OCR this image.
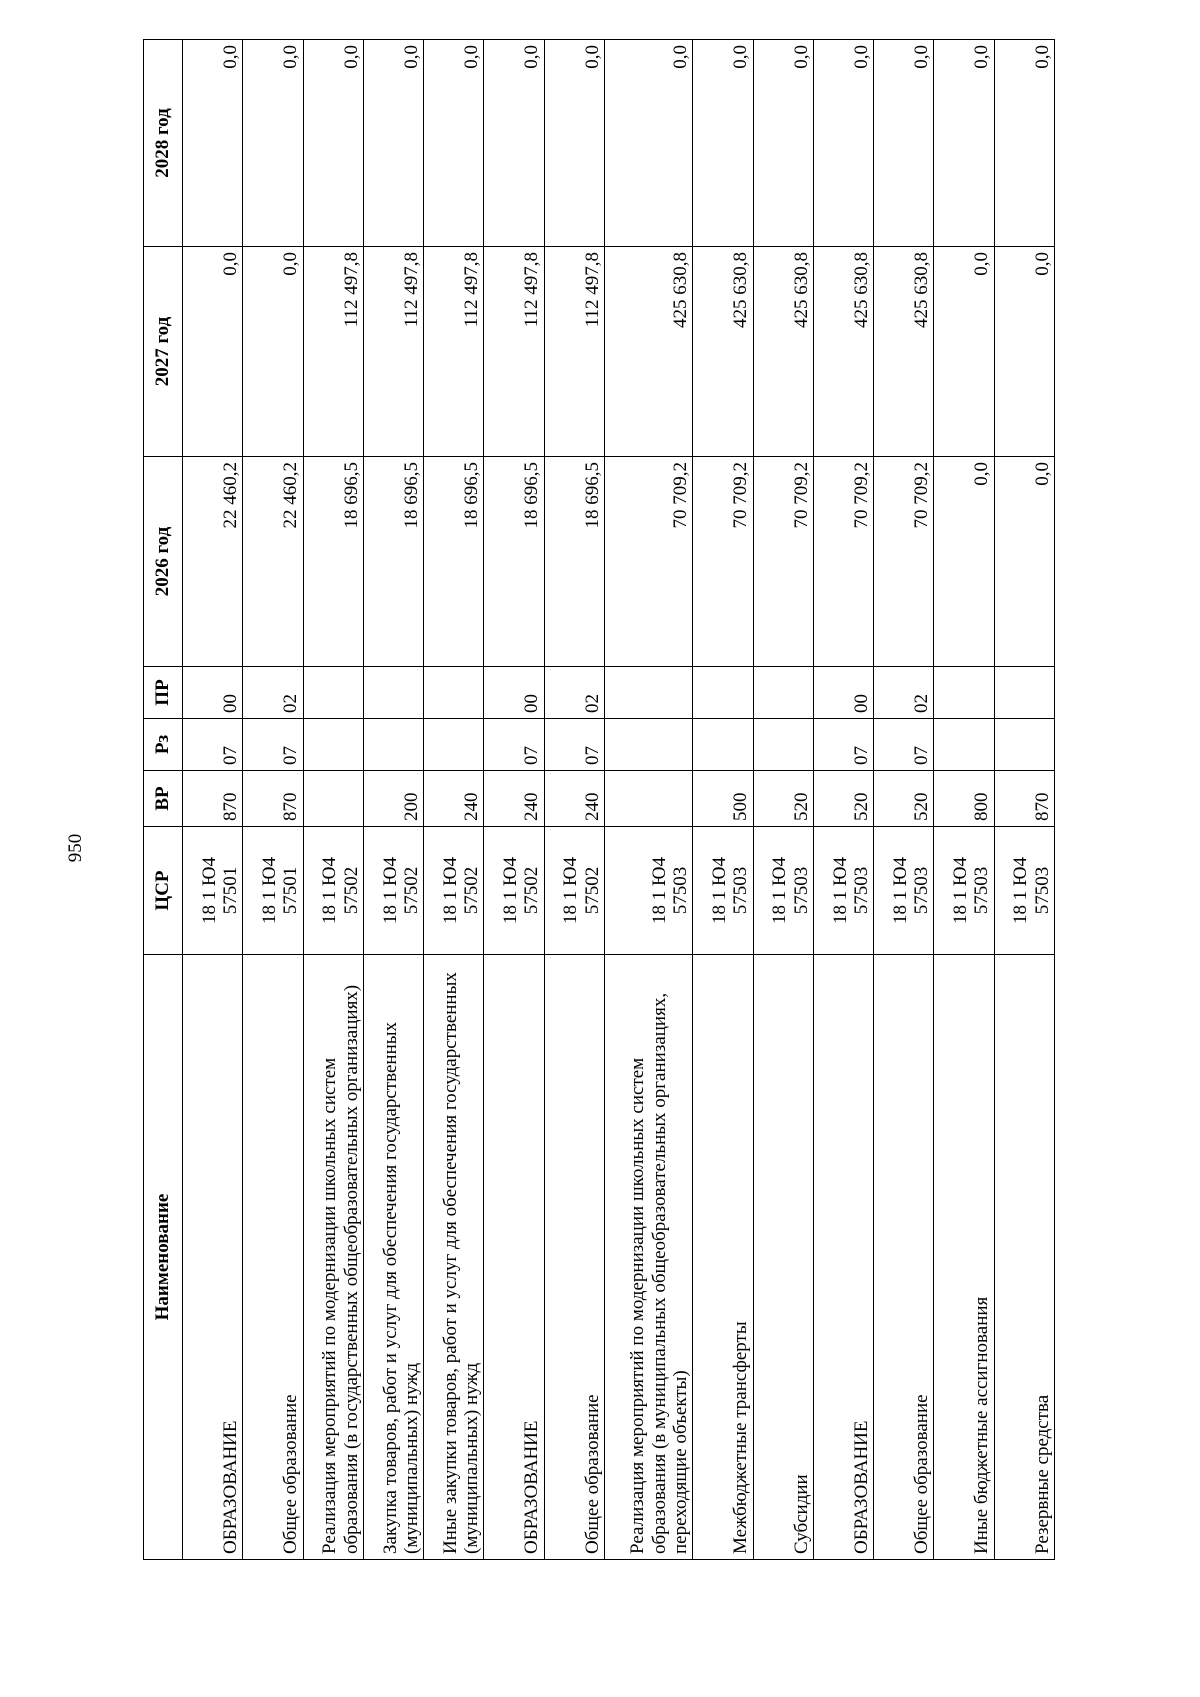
950
Наименование	ЦСР	ВР	Рз	ПР	2026 год	2027 год	2028 год
ОБРАЗОВАНИЕ	18 1 Ю4 57501	870	07	00	22 460,2	0,0	0,0
Общее образование	18 1 Ю4 57501	870	07	02	22 460,2	0,0	0,0
Реализация мероприятий по модернизации школьных систем образования (в государственных общеобразовательных организациях)	18 1 Ю4 57502				18 696,5	112 497,8	0,0
Закупка товаров, работ и услуг для обеспечения государственных (муниципальных) нужд	18 1 Ю4 57502	200			18 696,5	112 497,8	0,0
Иные закупки товаров, работ и услуг для обеспечения государственных (муниципальных) нужд	18 1 Ю4 57502	240			18 696,5	112 497,8	0,0
ОБРАЗОВАНИЕ	18 1 Ю4 57502	240	07	00	18 696,5	112 497,8	0,0
Общее образование	18 1 Ю4 57502	240	07	02	18 696,5	112 497,8	0,0
Реализация мероприятий по модернизации школьных систем образования (в муниципальных общеобразовательных организациях, переходящие объекты)	18 1 Ю4 57503				70 709,2	425 630,8	0,0
Межбюджетные трансферты	18 1 Ю4 57503	500			70 709,2	425 630,8	0,0
Субсидии	18 1 Ю4 57503	520			70 709,2	425 630,8	0,0
ОБРАЗОВАНИЕ	18 1 Ю4 57503	520	07	00	70 709,2	425 630,8	0,0
Общее образование	18 1 Ю4 57503	520	07	02	70 709,2	425 630,8	0,0
Иные бюджетные ассигнования	18 1 Ю4 57503	800			0,0	0,0	0,0
Резервные средства	18 1 Ю4 57503	870			0,0	0,0	0,0
